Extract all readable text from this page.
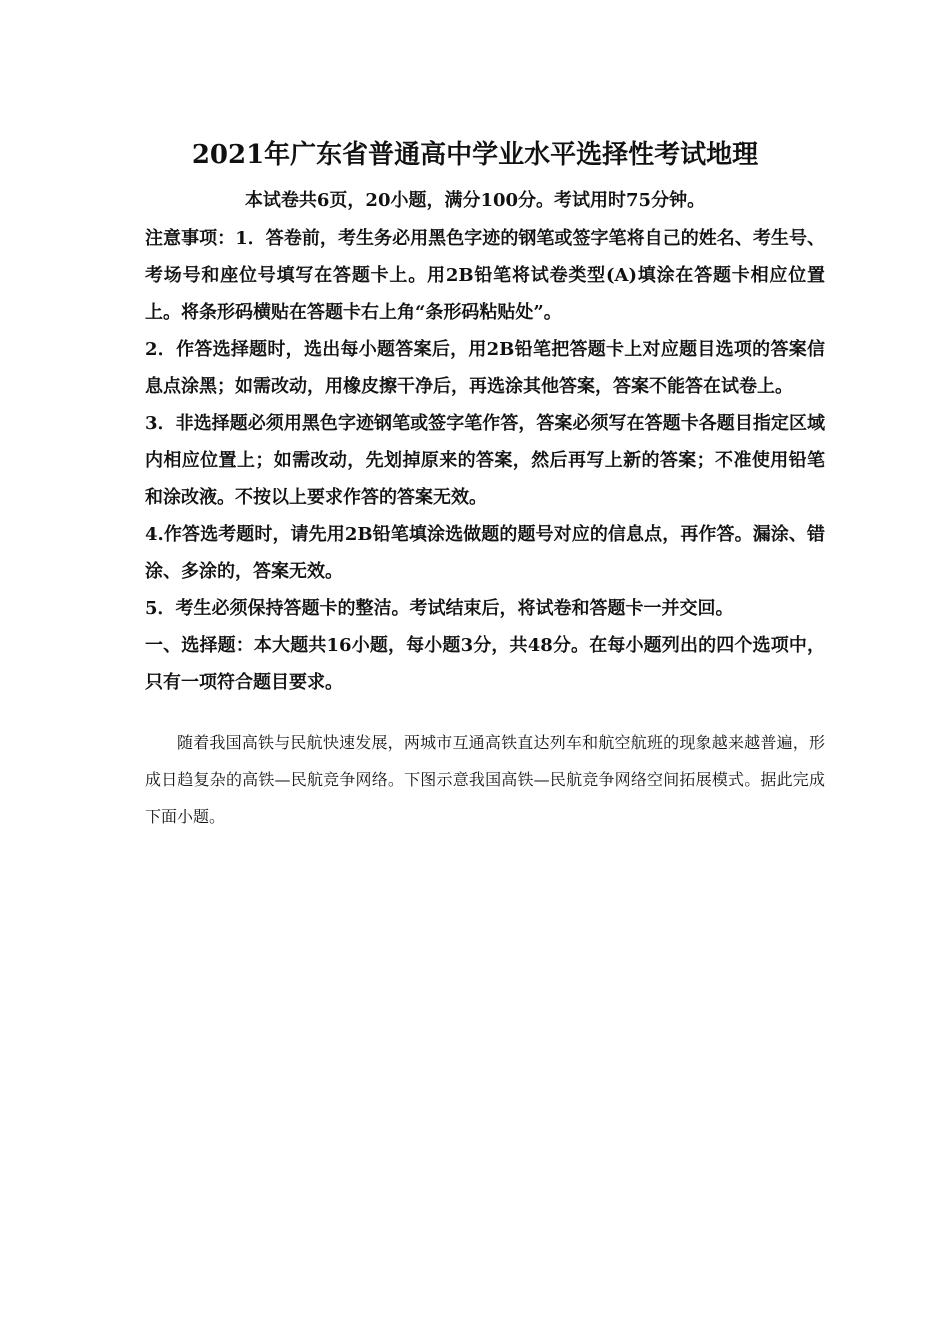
2021年广东省普通高中学业水平选择性考试地理
本试卷共6页，20小题，满分100分。考试用时75分钟。

注意事项：1．答卷前，考生务必用黑色字迹的钢笔或签字笔将自己的姓名、考生号、考场号和座位号填写在答题卡上。用2B铅笔将试卷类型(A)填涂在答题卡相应位置上。将条形码横贴在答题卡右上角“条形码粘贴处”。

2．作答选择题时，选出每小题答案后，用2B铅笔把答题卡上对应题目选项的答案信息点涂黑；如需改动，用橡皮擦干净后，再选涂其他答案，答案不能答在试卷上。

3．非选择题必须用黑色字迹钢笔或签字笔作答，答案必须写在答题卡各题目指定区域内相应位置上；如需改动，先划掉原来的答案，然后再写上新的答案；不准使用铅笔和涂改液。不按以上要求作答的答案无效。

4.作答选考题时，请先用2B铅笔填涂选做题的题号对应的信息点，再作答。漏涂、错涂、多涂的，答案无效。

5．考生必须保持答题卡的整洁。考试结束后，将试卷和答题卡一并交回。

一、选择题：本大题共16小题，每小题3分，共48分。在每小题列出的四个选项中，只有一项符合题目要求。

随着我国高铁与民航快速发展，两城市互通高铁直达列车和航空航班的现象越来越普遍，形成日趋复杂的高铁—民航竞争网络。下图示意我国高铁—民航竞争网络空间拓展模式。据此完成下面小题。
